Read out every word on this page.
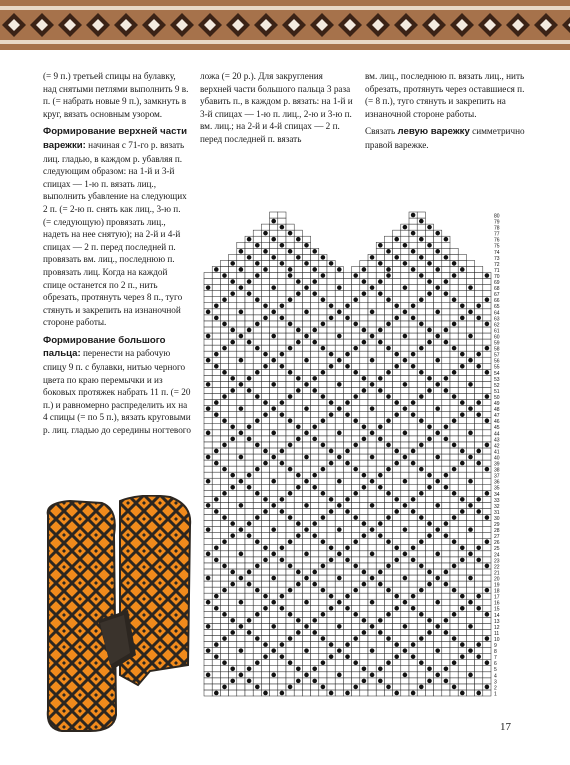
(= 9 п.) третьей спицы на булавку, над снятыми петлями выполнить 9 в. п. (= набрать новые 9 п.), замкнуть в круг, вязать основным узором.

Формирование верхней части варежки: начиная с 71-го р. вязать лиц. гладью, в каждом р. убавляя п. следующим образом: на 1-й и 3-й спицах — 1-ю п. вязать лиц., выполнить убавление на следующих 2 п. (= 2-ю п. снять как лиц., 3-ю п. (= следующую) провязать лиц., надеть на нее снятую); на 2-й и 4-й спицах — 2 п. перед последней п. провязать вм. лиц., последнюю п. провязать лиц. Когда на каждой спице останется по 2 п., нить обрезать, протянуть через 8 п., туго стянуть и закрепить на изнаночной стороне работы.

Формирование большого пальца: перенести на рабочую спицу 9 п. с булавки, нитью черного цвета по краю перемычки и из боковых протяжек набрать 11 п. (= 20 п.) и равномерно распределить их на 4 спицы (= по 5 п.), вязать круговыми р. лиц. гладью до середины ногтевого

ложа (= 20 р.). Для закругления верхней части большого пальца 3 раза убавить п., в каждом р. вязать: на 1-й и 3-й спицах — 1-ю п. лиц., 2-ю и 3-ю п. вм. лиц.; на 2-й и 4-й спицах — 2 п. перед последней п. вязать

вм. лиц., последнюю п. вязать лиц., нить обрезать, протянуть через оставшиеся п. (= 8 п.), туго стянуть и закрепить на изнаночной стороне работы.

Связать левую варежку симметрично правой варежке.

1
2
3
4
5
6
7
8
9
10
11
12
13
14
15
16
17
18
19
20
21
22
23
24
25
26
27
28
29
30
31
32
33
34
35
36
37
38
39
40
41
42
43
44
45
46
47
48
49
50
51
52
53
54
55
56
57
58
59
60
61
62
63
64
65
66
67
68
69
70
71
72
73
74
75
76
77
78
79
80
17
